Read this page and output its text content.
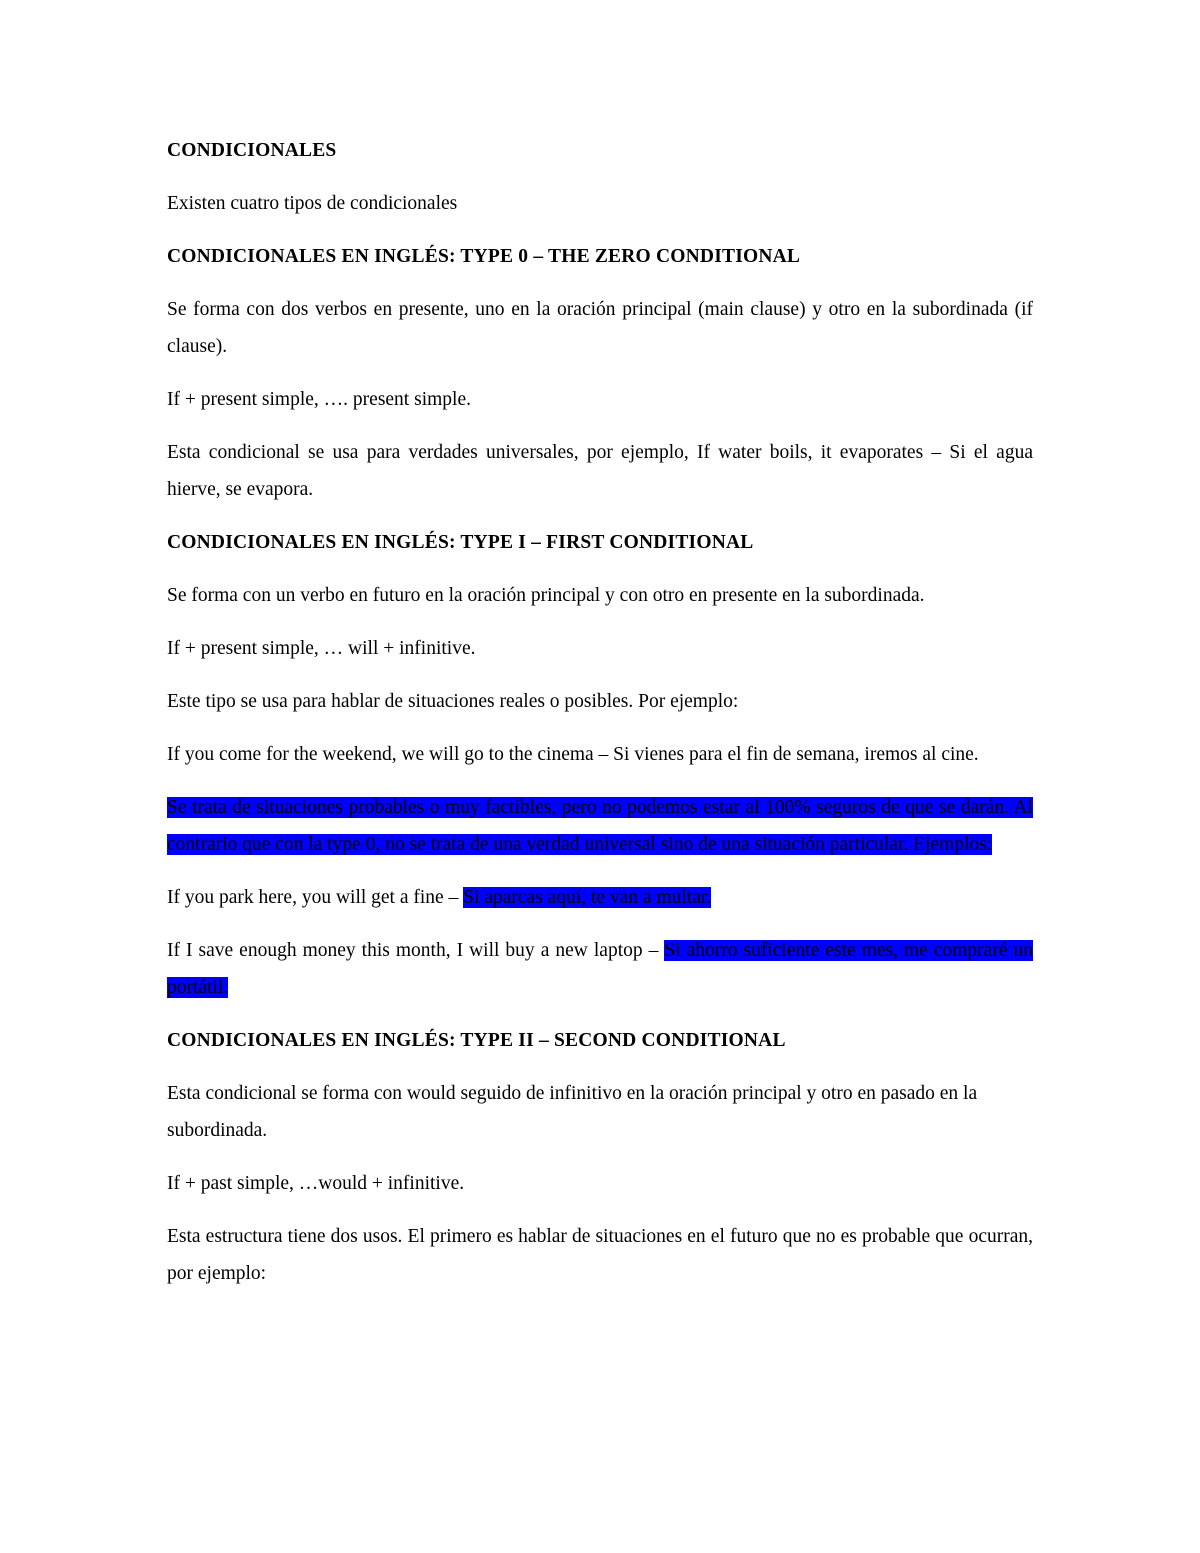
CONDICIONALES

Existen cuatro tipos de condicionales

CONDICIONALES EN INGLÉS: TYPE 0 – THE ZERO CONDITIONAL

Se forma con dos verbos en presente, uno en la oración principal (main clause) y otro en la subordinada (if clause).

If + present simple, …. present simple.

Esta condicional se usa para verdades universales, por ejemplo, If water boils, it evaporates – Si el agua hierve, se evapora.

CONDICIONALES EN INGLÉS: TYPE I – FIRST CONDITIONAL

Se forma con un verbo en futuro en la oración principal y con otro en presente en la subordinada.

If + present simple, … will + infinitive.

Este tipo se usa para hablar de situaciones reales o posibles. Por ejemplo:

If you come for the weekend, we will go to the cinema – Si vienes para el fin de semana, iremos al cine.

Se trata de situaciones probables o muy factibles, pero no podemos estar al 100% seguros de que se darán. Al contrario que con la type 0, no se trata de una verdad universal sino de una situación particular. Ejemplos:

If you park here, you will get a fine – Si aparcas aquí, te van a multar.

If I save enough money this month, I will buy a new laptop – Si ahorro suficiente este mes, me compraré un portátil.

CONDICIONALES EN INGLÉS: TYPE II – SECOND CONDITIONAL

Esta condicional se forma con would seguido de infinitivo en la oración principal y otro en pasado en la subordinada.

If + past simple, …would + infinitive.

Esta estructura tiene dos usos. El primero es hablar de situaciones en el futuro que no es probable que ocurran, por ejemplo:
